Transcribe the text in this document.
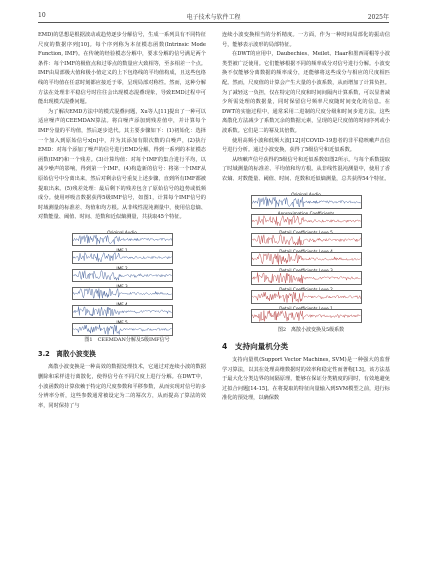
10	电子技术与软件工程	2025年

EMD)的思想是根据波动或趋势逐步分解信号，生成一系列具有不同特征尺度的数据序列[10]。每个序列称为本征模态函数(Intrinsic Mode Function, IMF)。在传统的经验模态分解中，要求分解的信号满足两个条件：每个IMF的极值点和过零点的数量应大致相等，至多相差一个点。IMF由局部极大值和极小值定义的上下包络线的平均值构成，且这些包络线的平均值在任意时刻都应接近于零，呈现局部对称性。然而，这种分解方法在处理非平稳信号时往往会出现模态混叠现象，导致EMD过程中可能出现模式混叠问题。

为了解决EMD方法中的模式混叠问题，Xu等人[11]提出了一种可以适应噪声的CEEMDAN算法。将白噪声添加到残差值中，并计算每个IMF分量的平均值，然后逐步迭代。其主要步骤如下：(1)初始化：选择一个加入到原始信号x[n]中，并为其添加有限次数的白噪声，(2)执行EMD：对每个添加了噪声的信号进行EMD分解，得到一系列的本征模态函数(IMF)和一个残差。(3)计算均值：对每个IMF的集合进行平均，以减少噪声的影响，得到第一个IMF。(4)构造新的信号：将第一个IMF从原始信号中分离出来，然后对剩余信号重复上述步骤，直到所有IMF都被提取出来。(5)残差处理：最后剩下的残差包含了原始信号的趋势或低频成分。使用呼吸音数据获得5级IMF信号，如图1，计算每个IMF信号的时域测量的标准差、均值和均方根。从非线性混沌测量中，使用信息熵、对数能量、阈值、时间、范数和近似熵测量，共获取45个特征。

图1　CEEMDAN分解及5级IMF信号

3.2　离散小波变换

离散小波变换是一种高效的数据处理技术，它通过对连续小波的数据删除和采样进行离散化，使得信号在不同尺度上进行分解。在DWT中，小波函数的计算依赖于特定的尺度参数和平移参数，从而实现对信号的多分辨率分析，这些参数通常被设定为二的幂次方，从而提高了算法的效率，同时保持了与

连续小波变换相当的分析精度。一方面，作为一种时间局部化的振动信号，能够表示波形的局部特征。

在DWT的应用中，Daubechies、Meilet、Haar和墨西哥帽等小波类型被广泛使用。它们能够根据不同的频率成分对信号进行分解。小波变换不仅能够分离数据的频率成分，还能够将这些成分与相应的尺度相匹配。然而，尺度值的计算会产生大量的小波系数，从而增加了计算负担。为了减轻这一负担，仅在特定的尺度和时间间隔内计算系数，可以显著减少所需处理的数据量，同时保留信号频率尺度随时间变化的信息。在DWT的实施过程中，通常采用二进制的尺度分级和时间步进方法。这些离散化方法减少了系数冗余的数据元素，呈现的是尺度值的时间序列或小波系数。它们是二的幂及其倍数。

使用高频小波和低频大波[12]对COVID-19患者的非平稳咳嗽声音信号进行分析。通过小波变换，获得了5级信号和近似系数。

从咳嗽声信号获得的5级信号和近似系数如图2所示。与每个系数提取了时域测量的标准差、平均值和均方根。从非线性混沌测量中，使用了香农熵、对数能量、阈值、时间、范数和近似熵测量，总共获得54个特征。

图2　离散小波变换及5级系数

4　支持向量机分类

支持向量机(Support Vector Machines, SVM)是一种强大的监督学习算法，以其在处理高维数据时的效率和稳定性而著称[13]。该方法基于最大化分类边界的间隔原理，能够在保证分类精度的同时，有效地避免过拟合问题[14-15]。在将提取的特征向量输入到SVM模型之前，进行标准化的预处理，以确保数
